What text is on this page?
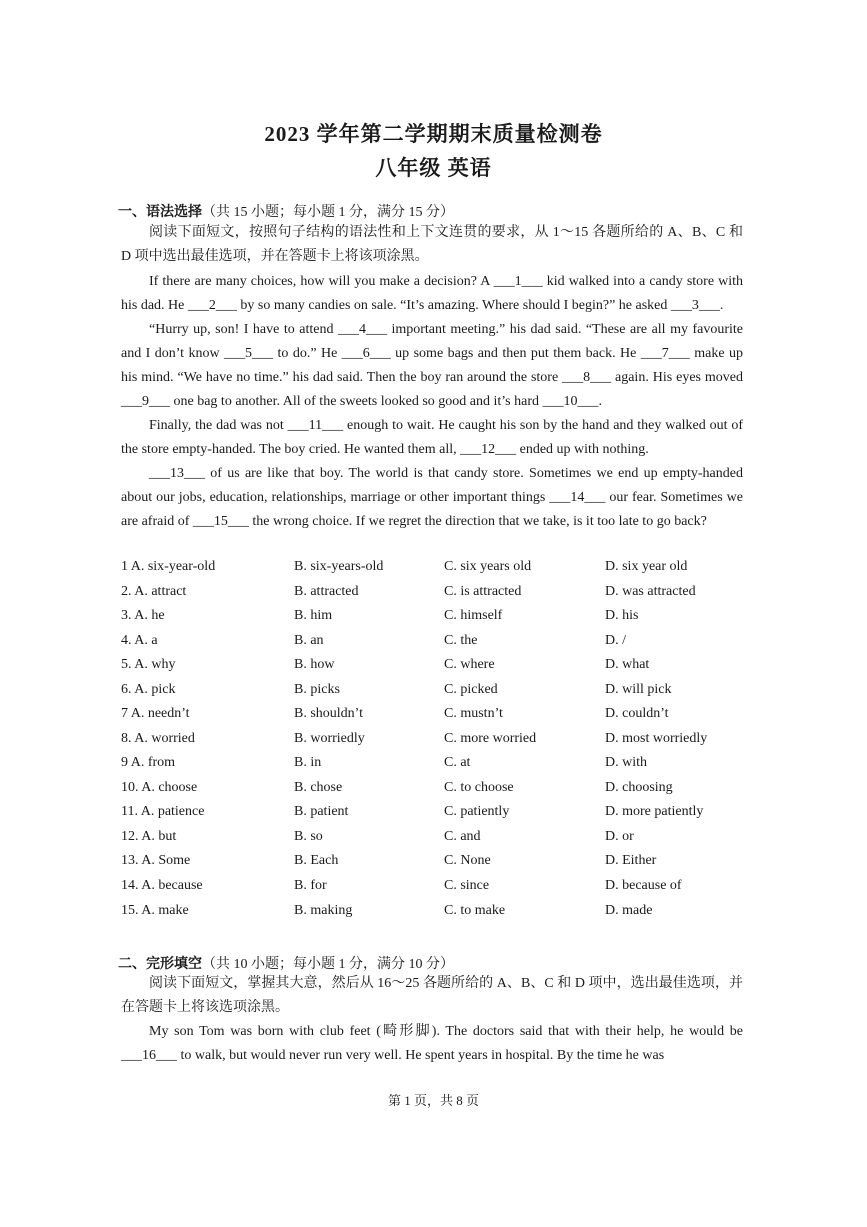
2023 学年第二学期期末质量检测卷
八年级 英语
一、语法选择（共 15 小题；每小题 1 分，满分 15 分）

阅读下面短文，按照句子结构的语法性和上下文连贯的要求，从 1～15 各题所给的 A、B、C 和 D 项中选出最佳选项，并在答题卡上将该项涂黑。

If there are many choices, how will you make a decision? A ___1___ kid walked into a candy store with his dad. He ___2___ by so many candies on sale. “It’s amazing. Where should I begin?” he asked ___3___.

“Hurry up, son! I have to attend ___4___ important meeting.” his dad said. “These are all my favourite and I don’t know ___5___ to do.” He ___6___ up some bags and then put them back. He ___7___ make up his mind. “We have no time.” his dad said. Then the boy ran around the store ___8___ again. His eyes moved ___9___ one bag to another. All of the sweets looked so good and it’s hard ___10___.

Finally, the dad was not ___11___ enough to wait. He caught his son by the hand and they walked out of the store empty-handed. The boy cried. He wanted them all, ___12___ ended up with nothing.

___13___ of us are like that boy. The world is that candy store. Sometimes we end up empty-handed about our jobs, education, relationships, marriage or other important things ___14___ our fear. Sometimes we are afraid of ___15___ the wrong choice. If we regret the direction that we take, is it too late to go back?

1 A. six-year-old	B. six-years-old	C. six years old	D. six year old
2. A. attract	B. attracted	C. is attracted	D. was attracted
3. A. he	B. him	C. himself	D. his
4. A. a	B. an	C. the	D. /
5. A. why	B. how	C. where	D. what
6. A. pick	B. picks	C. picked	D. will pick
7 A. needn’t	B. shouldn’t	C. mustn’t	D. couldn’t
8. A. worried	B. worriedly	C. more worried	D. most worriedly
9 A. from	B. in	C. at	D. with
10. A. choose	B. chose	C. to choose	D. choosing
11. A. patience	B. patient	C. patiently	D. more patiently
12. A. but	B. so	C. and	D. or
13. A. Some	B. Each	C. None	D. Either
14. A. because	B. for	C. since	D. because of
15. A. make	B. making	C. to make	D. made
二、完形填空（共 10 小题；每小题 1 分，满分 10 分）

阅读下面短文，掌握其大意，然后从 16～25 各题所给的 A、B、C 和 D 项中，选出最佳选项，并在答题卡上将该选项涂黑。

My son Tom was born with club feet (畸形脚). The doctors said that with their help, he would be ___16___ to walk, but would never run very well. He spent years in hospital. By the time he was

第 1 页，共 8 页
